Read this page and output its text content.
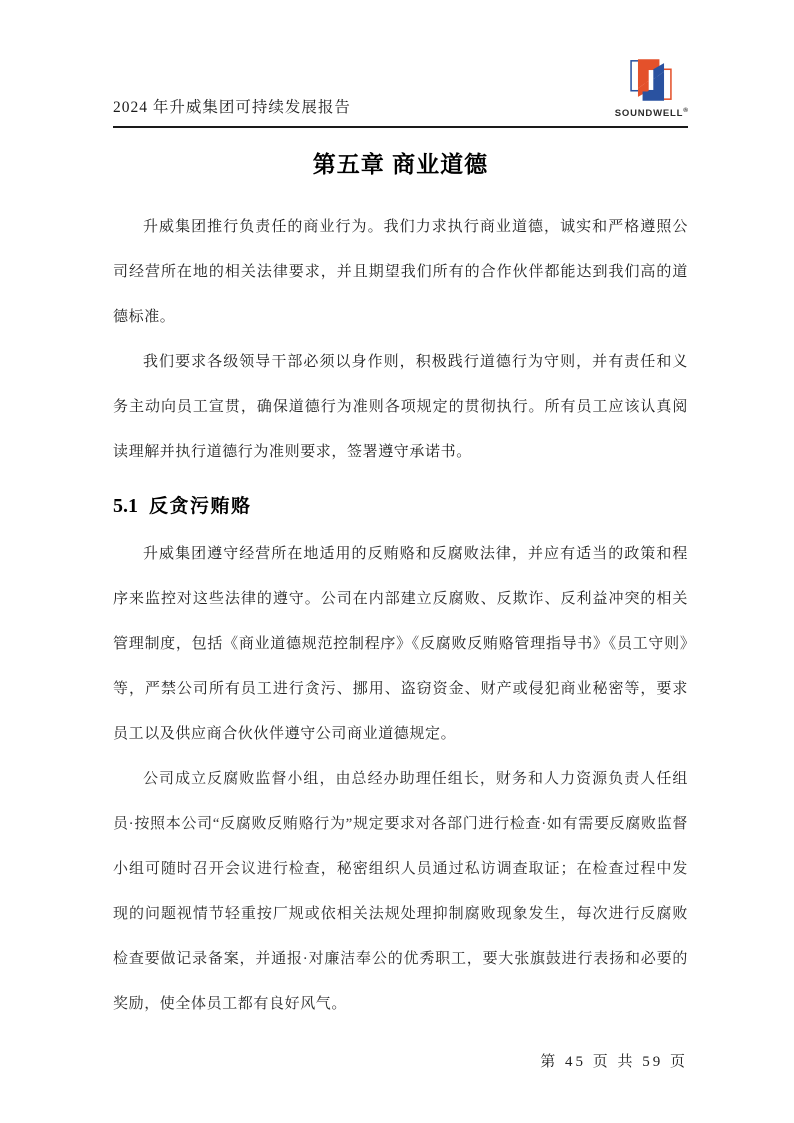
2024 年升威集团可持续发展报告	SOUNDWELL®
第五章 商业道德

升威集团推行负责任的商业行为。我们力求执行商业道德，诚实和严格遵照公司经营所在地的相关法律要求，并且期望我们所有的合作伙伴都能达到我们高的道德标准。

我们要求各级领导干部必须以身作则，积极践行道德行为守则，并有责任和义务主动向员工宣贯，确保道德行为准则各项规定的贯彻执行。所有员工应该认真阅读理解并执行道德行为准则要求，签署遵守承诺书。

5.1 反贪污贿赂

升威集团遵守经营所在地适用的反贿赂和反腐败法律，并应有适当的政策和程序来监控对这些法律的遵守。公司在内部建立反腐败、反欺诈、反利益冲突的相关管理制度，包括《商业道德规范控制程序》《反腐败反贿赂管理指导书》《员工守则》等，严禁公司所有员工进行贪污、挪用、盗窃资金、财产或侵犯商业秘密等，要求员工以及供应商合伙伙伴遵守公司商业道德规定。

公司成立反腐败监督小组，由总经办助理任组长，财务和人力资源负责人任组员·按照本公司“反腐败反贿赂行为”规定要求对各部门进行检查·如有需要反腐败监督小组可随时召开会议进行检查，秘密组织人员通过私访调查取证；在检查过程中发现的问题视情节轻重按厂规或依相关法规处理抑制腐败现象发生，每次进行反腐败检查要做记录备案，并通报·对廉洁奉公的优秀职工，要大张旗鼓进行表扬和必要的奖励，使全体员工都有良好风气。

第 45 页 共 59 页
